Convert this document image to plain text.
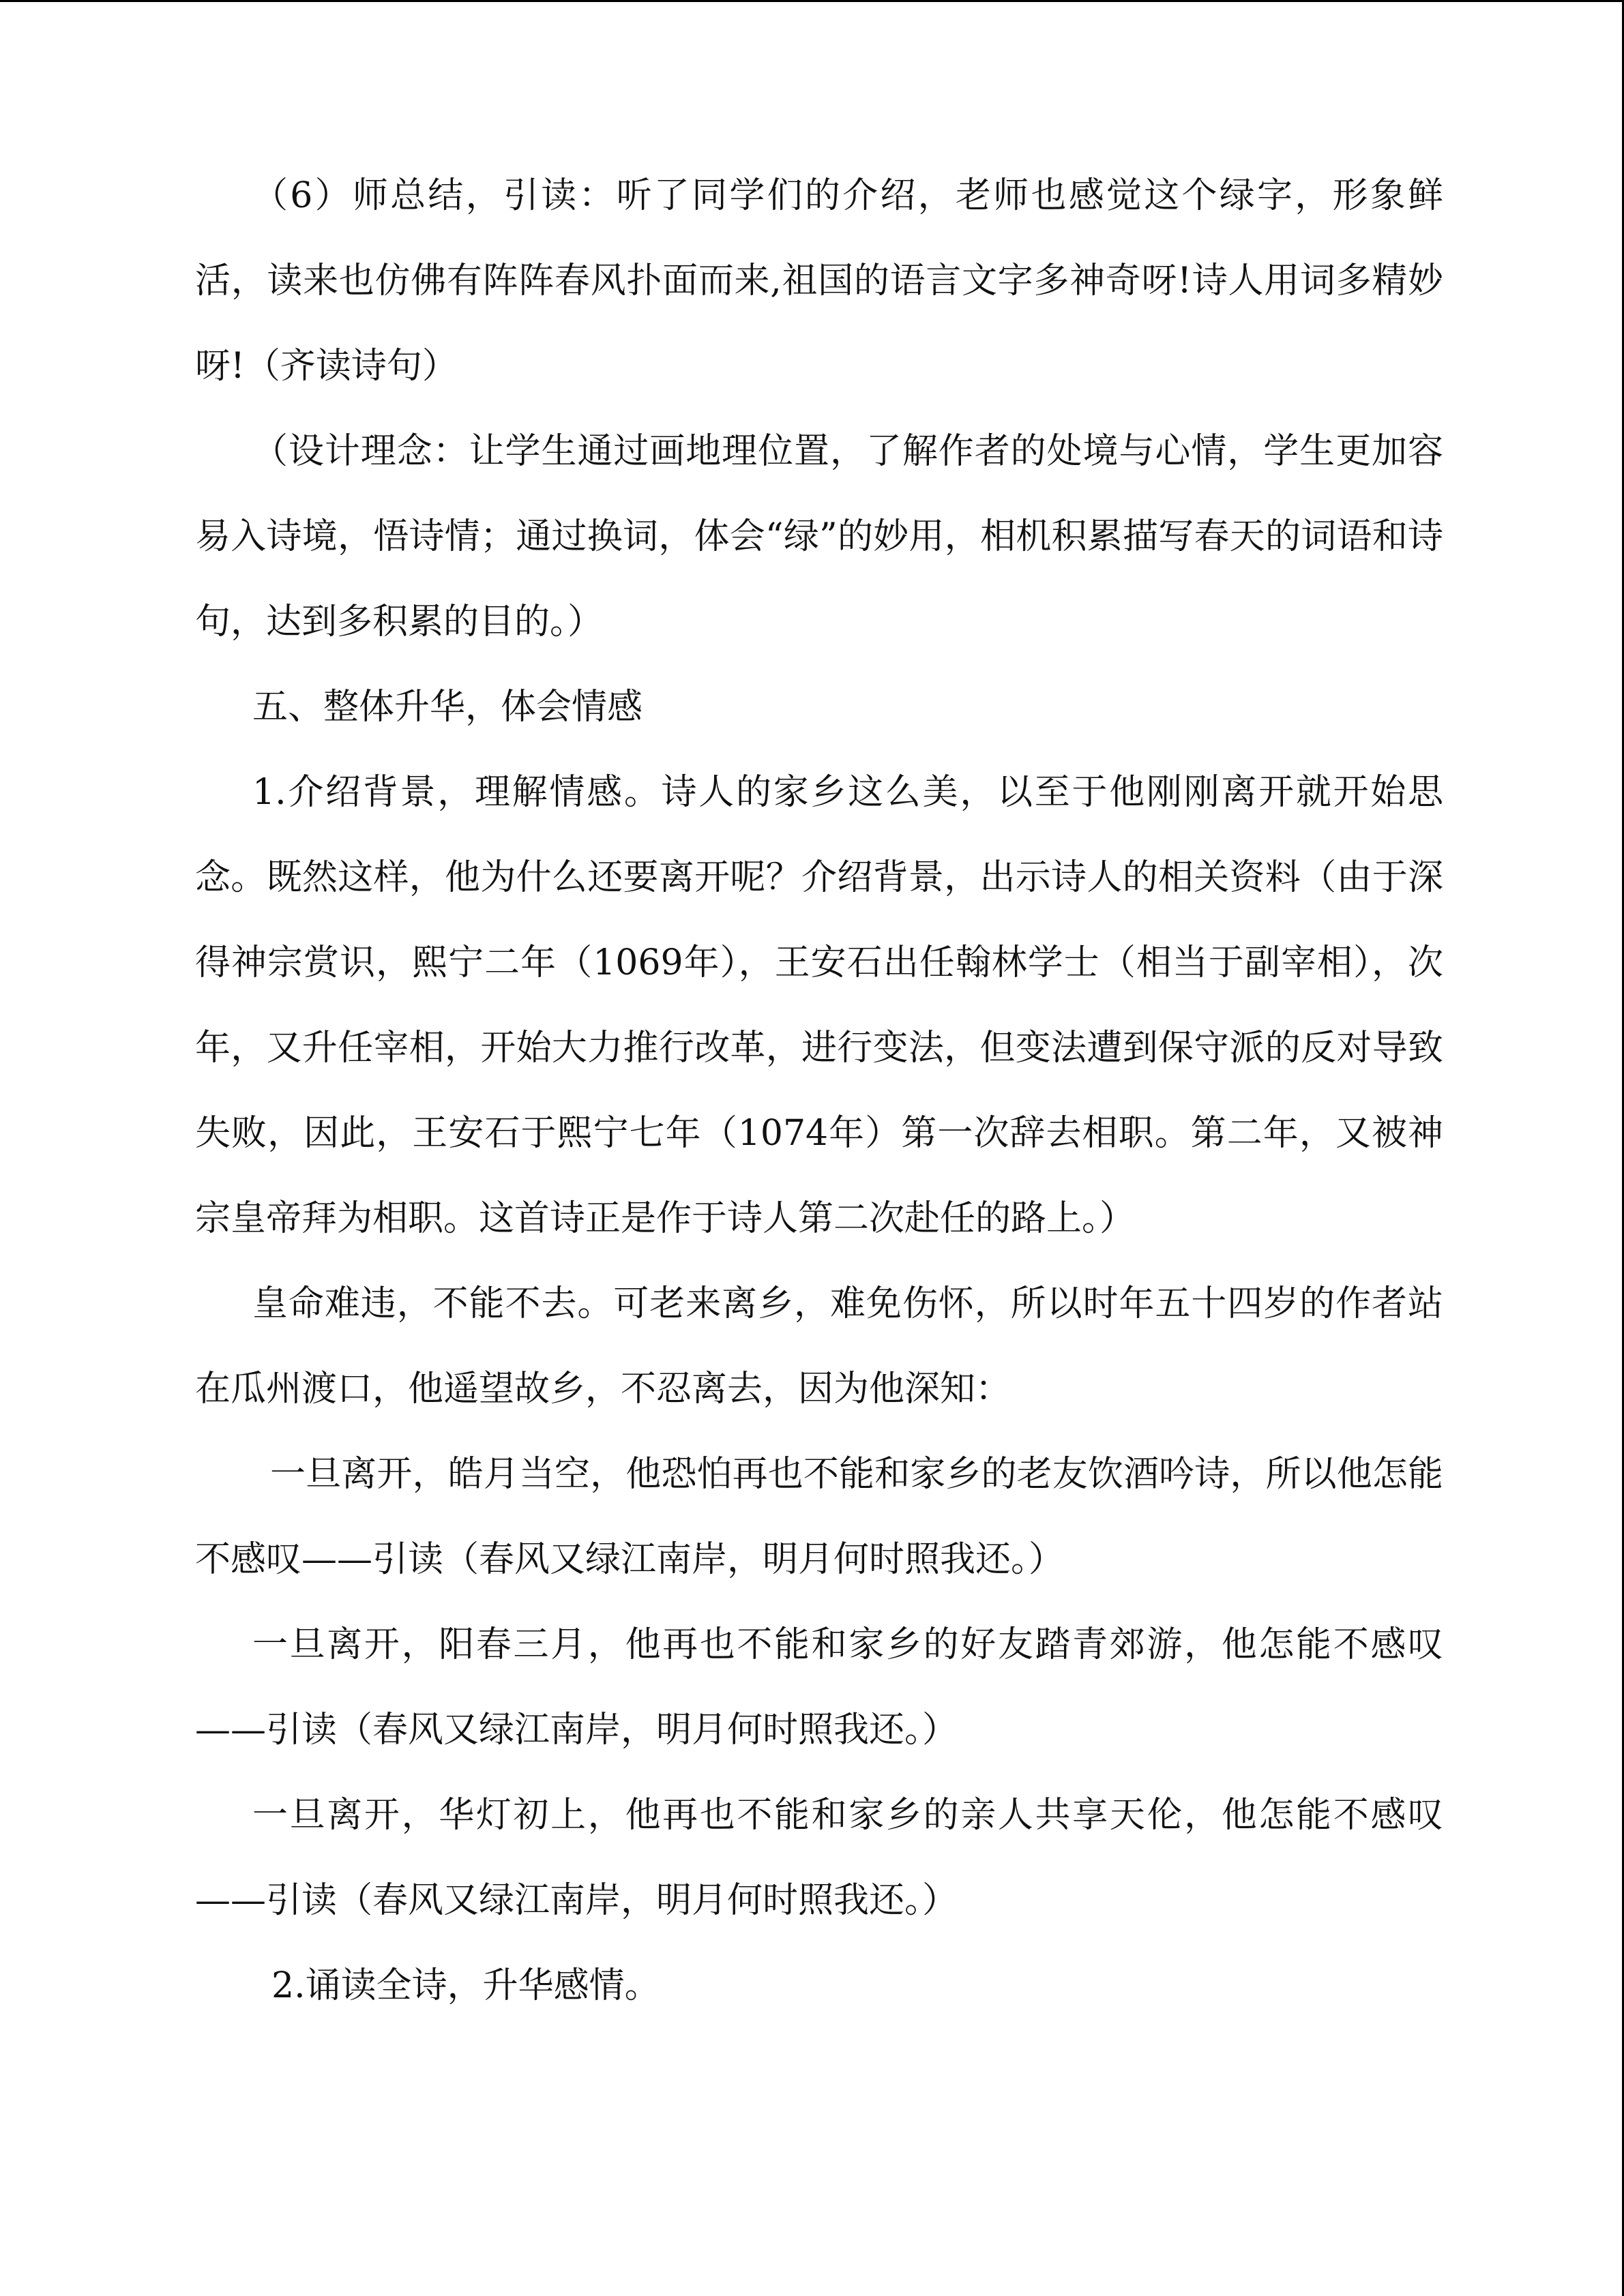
（6）师总结，引读：听了同学们的介绍，老师也感觉这个绿字，形象鲜活，读来也仿佛有阵阵春风扑面而来,祖国的语言文字多神奇呀!诗人用词多精妙呀!（齐读诗句）

（设计理念：让学生通过画地理位置，了解作者的处境与心情，学生更加容易入诗境，悟诗情；通过换词，体会“绿”的妙用，相机积累描写春天的词语和诗句，达到多积累的目的。）

五、整体升华，体会情感

1.介绍背景，理解情感。诗人的家乡这么美，以至于他刚刚离开就开始思念。既然这样，他为什么还要离开呢？介绍背景，出示诗人的相关资料（由于深得神宗赏识，熙宁二年（1069年），王安石出任翰林学士（相当于副宰相），次年，又升任宰相，开始大力推行改革，进行变法，但变法遭到保守派的反对导致失败，因此，王安石于熙宁七年（1074年）第一次辞去相职。第二年，又被神宗皇帝拜为相职。这首诗正是作于诗人第二次赴任的路上。）

皇命难违，不能不去。可老来离乡，难免伤怀，所以时年五十四岁的作者站在瓜州渡口，他遥望故乡，不忍离去，因为他深知：

一旦离开，皓月当空，他恐怕再也不能和家乡的老友饮酒吟诗，所以他怎能不感叹——引读（春风又绿江南岸，明月何时照我还。）

一旦离开，阳春三月，他再也不能和家乡的好友踏青郊游，他怎能不感叹——引读（春风又绿江南岸，明月何时照我还。）

一旦离开，华灯初上，他再也不能和家乡的亲人共享天伦，他怎能不感叹——引读（春风又绿江南岸，明月何时照我还。）

2.诵读全诗，升华感情。
